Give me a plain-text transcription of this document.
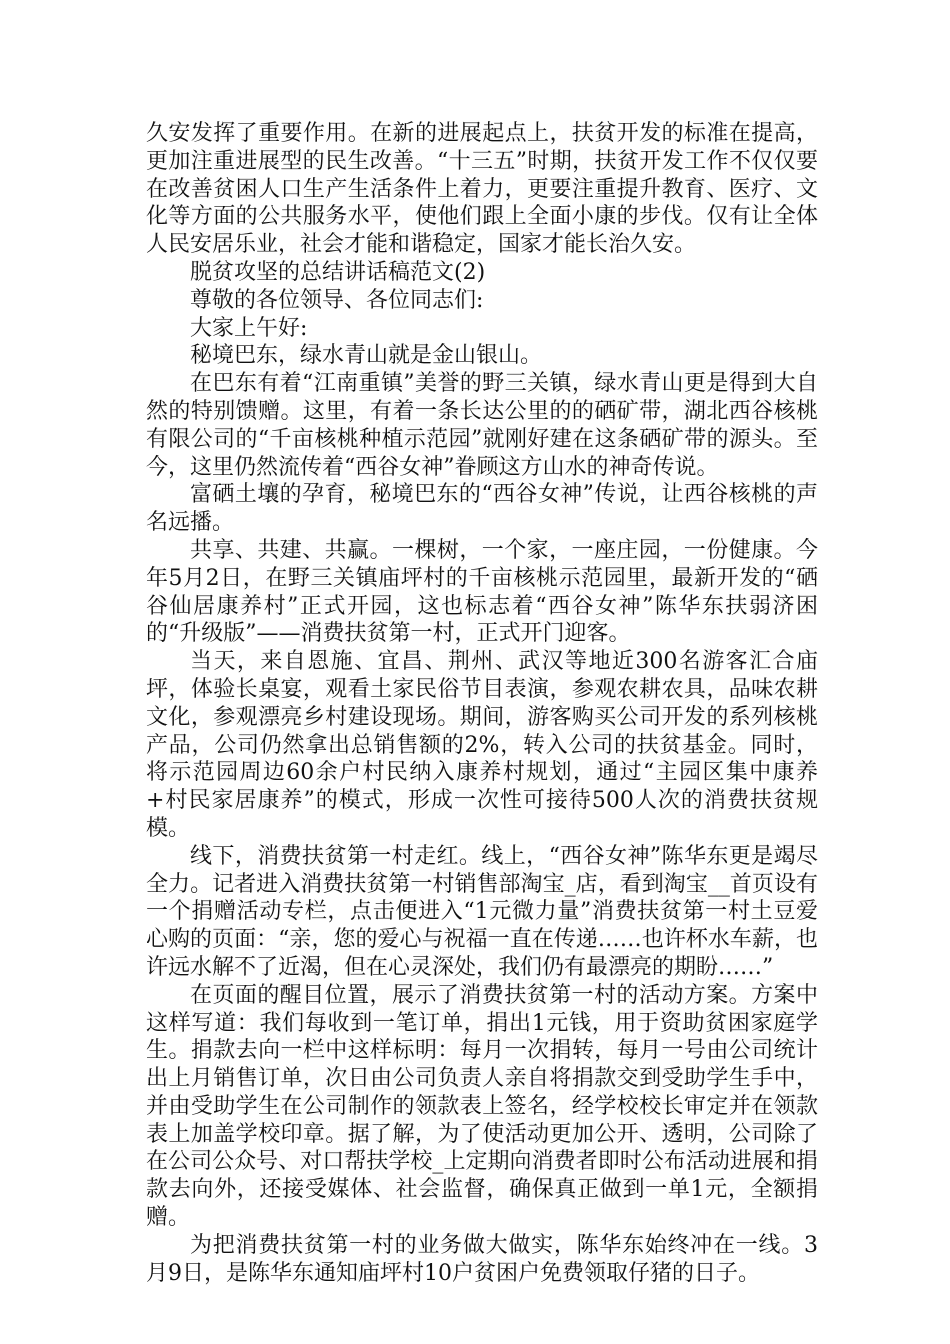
久安发挥了重要作用。在新的进展起点上，扶贫开发的标准在提高，更加注重进展型的民生改善。“十三五”时期，扶贫开发工作不仅仅要在改善贫困人口生产生活条件上着力，更要注重提升教育、医疗、文化等方面的公共服务水平，使他们跟上全面小康的步伐。仅有让全体人民安居乐业，社会才能和谐稳定，国家才能长治久安。

脱贫攻坚的总结讲话稿范文(2)

尊敬的各位领导、各位同志们:

大家上午好:

秘境巴东，绿水青山就是金山银山。

在巴东有着“江南重镇”美誉的野三关镇，绿水青山更是得到大自然的特别馈赠。这里，有着一条长达公里的的硒矿带，湖北西谷核桃有限公司的“千亩核桃种植示范园”就刚好建在这条硒矿带的源头。至今，这里仍然流传着“西谷女神”眷顾这方山水的神奇传说。

富硒土壤的孕育，秘境巴东的“西谷女神”传说，让西谷核桃的声名远播。

共享、共建、共赢。一棵树，一个家，一座庄园，一份健康。今年5月2日，在野三关镇庙坪村的千亩核桃示范园里，最新开发的“硒谷仙居康养村”正式开园，这也标志着“西谷女神”陈华东扶弱济困的“升级版”——消费扶贫第一村，正式开门迎客。

当天，来自恩施、宜昌、荆州、武汉等地近300名游客汇合庙坪，体验长桌宴，观看土家民俗节目表演，参观农耕农具，品味农耕文化，参观漂亮乡村建设现场。期间，游客购买公司开发的系列核桃产品，公司仍然拿出总销售额的2%，转入公司的扶贫基金。同时，将示范园周边60余户村民纳入康养村规划，通过“主园区集中康养+村民家居康养”的模式，形成一次性可接待500人次的消费扶贫规模。

线下，消费扶贫第一村走红。线上，“西谷女神”陈华东更是竭尽全力。记者进入消费扶贫第一村销售部淘宝_店，看到淘宝__首页设有一个捐赠活动专栏，点击便进入“1元微力量”消费扶贫第一村土豆爱心购的页面：“亲，您的爱心与祝福一直在传递……也许杯水车薪，也许远水解不了近渴，但在心灵深处，我们仍有最漂亮的期盼……”

在页面的醒目位置，展示了消费扶贫第一村的活动方案。方案中这样写道：我们每收到一笔订单，捐出1元钱，用于资助贫困家庭学生。捐款去向一栏中这样标明：每月一次捐转，每月一号由公司统计出上月销售订单，次日由公司负责人亲自将捐款交到受助学生手中，并由受助学生在公司制作的领款表上签名，经学校校长审定并在领款表上加盖学校印章。据了解，为了使活动更加公开、透明，公司除了在公司公众号、对口帮扶学校_上定期向消费者即时公布活动进展和捐款去向外，还接受媒体、社会监督，确保真正做到一单1元，全额捐赠。

为把消费扶贫第一村的业务做大做实，陈华东始终冲在一线。3月9日，是陈华东通知庙坪村10户贫困户免费领取仔猪的日子。
